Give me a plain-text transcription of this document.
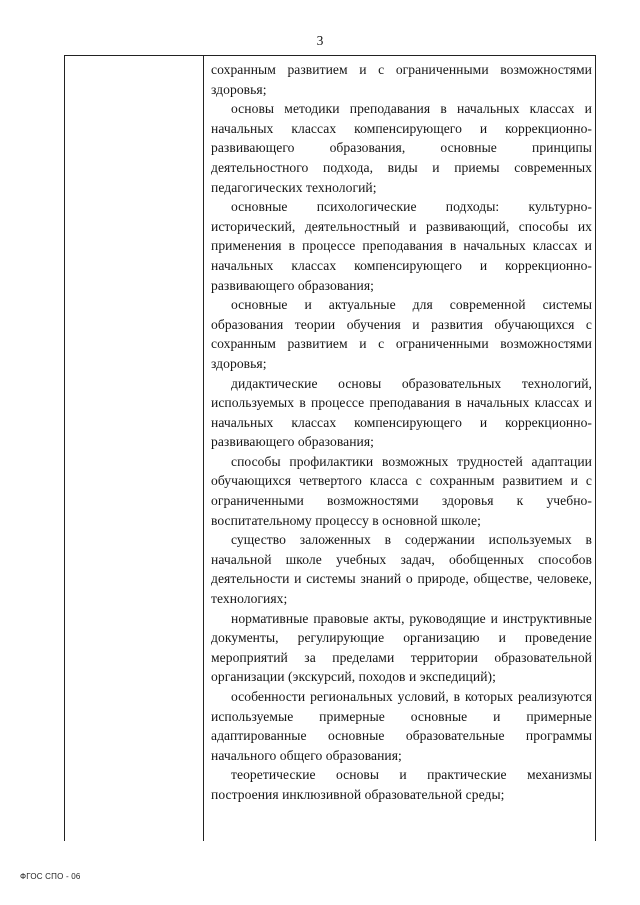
3

сохранным развитием и с ограниченными возможностями здоровья;

основы методики преподавания в начальных классах и начальных классах компенсирующего и коррекционно-развивающего образования, основные принципы деятельностного подхода, виды и приемы современных педагогических технологий;

основные психологические подходы: культурно-исторический, деятельностный и развивающий, способы их применения в процессе преподавания в начальных классах и начальных классах компенсирующего и коррекционно-развивающего образования;

основные и актуальные для современной системы образования теории обучения и развития обучающихся с сохранным развитием и с ограниченными возможностями здоровья;

дидактические основы образовательных технологий, используемых в процессе преподавания в начальных классах и начальных классах компенсирующего и коррекционно-развивающего образования;

способы профилактики возможных трудностей адаптации обучающихся четвертого класса с сохранным развитием и с ограниченными возможностями здоровья к учебно-воспитательному процессу в основной школе;

существо заложенных в содержании используемых в начальной школе учебных задач, обобщенных способов деятельности и системы знаний о природе, обществе, человеке, технологиях;

нормативные правовые акты, руководящие и инструктивные документы, регулирующие организацию и проведение мероприятий за пределами территории образовательной организации (экскурсий, походов и экспедиций);

особенности региональных условий, в которых реализуются используемые примерные основные и примерные адаптированные основные образовательные программы начального общего образования;

теоретические основы и практические механизмы построения инклюзивной образовательной среды;

ФГОС СПО - 06
